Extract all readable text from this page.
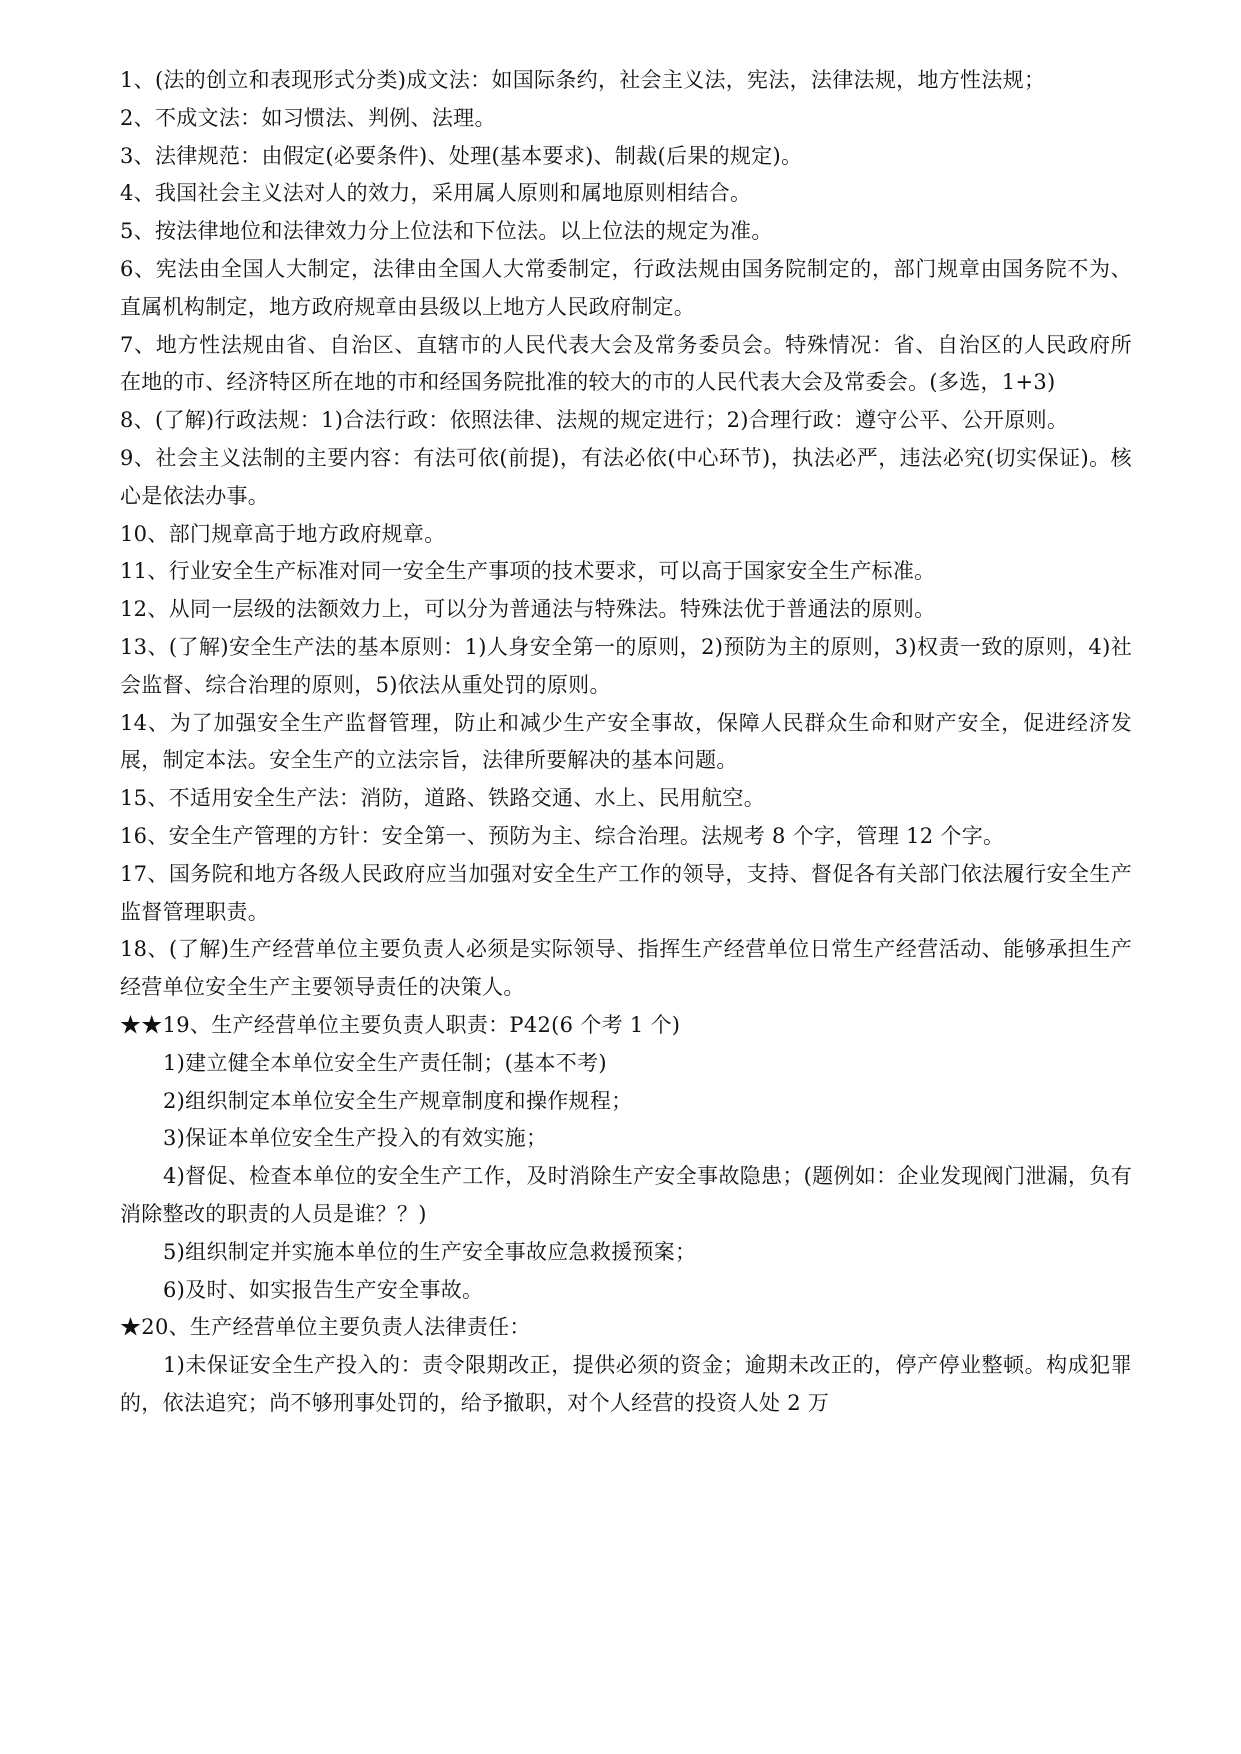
1、(法的创立和表现形式分类)成文法：如国际条约，社会主义法，宪法，法律法规，地方性法规；

2、不成文法：如习惯法、判例、法理。

3、法律规范：由假定(必要条件)、处理(基本要求)、制裁(后果的规定)。

4、我国社会主义法对人的效力，采用属人原则和属地原则相结合。

5、按法律地位和法律效力分上位法和下位法。以上位法的规定为准。

6、宪法由全国人大制定，法律由全国人大常委制定，行政法规由国务院制定的，部门规章由国务院不为、直属机构制定，地方政府规章由县级以上地方人民政府制定。

7、地方性法规由省、自治区、直辖市的人民代表大会及常务委员会。特殊情况：省、自治区的人民政府所在地的市、经济特区所在地的市和经国务院批准的较大的市的人民代表大会及常委会。(多选，1+3)

8、(了解)行政法规：1)合法行政：依照法律、法规的规定进行；2)合理行政：遵守公平、公开原则。

9、社会主义法制的主要内容：有法可依(前提)，有法必依(中心环节)，执法必严，违法必究(切实保证)。核心是依法办事。

10、部门规章高于地方政府规章。

11、行业安全生产标准对同一安全生产事项的技术要求，可以高于国家安全生产标准。

12、从同一层级的法额效力上，可以分为普通法与特殊法。特殊法优于普通法的原则。

13、(了解)安全生产法的基本原则：1)人身安全第一的原则，2)预防为主的原则，3)权责一致的原则，4)社会监督、综合治理的原则，5)依法从重处罚的原则。

14、为了加强安全生产监督管理，防止和减少生产安全事故，保障人民群众生命和财产安全，促进经济发展，制定本法。安全生产的立法宗旨，法律所要解决的基本问题。

15、不适用安全生产法：消防，道路、铁路交通、水上、民用航空。

16、安全生产管理的方针：安全第一、预防为主、综合治理。法规考 8 个字，管理 12 个字。

17、国务院和地方各级人民政府应当加强对安全生产工作的领导，支持、督促各有关部门依法履行安全生产监督管理职责。

18、(了解)生产经营单位主要负责人必须是实际领导、指挥生产经营单位日常生产经营活动、能够承担生产经营单位安全生产主要领导责任的决策人。

★★19、生产经营单位主要负责人职责：P42(6 个考 1 个)

1)建立健全本单位安全生产责任制；(基本不考)

2)组织制定本单位安全生产规章制度和操作规程；

3)保证本单位安全生产投入的有效实施；

4)督促、检查本单位的安全生产工作，及时消除生产安全事故隐患；(题例如：企业发现阀门泄漏，负有消除整改的职责的人员是谁？？)

5)组织制定并实施本单位的生产安全事故应急救援预案；

6)及时、如实报告生产安全事故。

★20、生产经营单位主要负责人法律责任：

1)未保证安全生产投入的：责令限期改正，提供必须的资金；逾期未改正的，停产停业整顿。构成犯罪的，依法追究；尚不够刑事处罚的，给予撤职，对个人经营的投资人处 2 万
